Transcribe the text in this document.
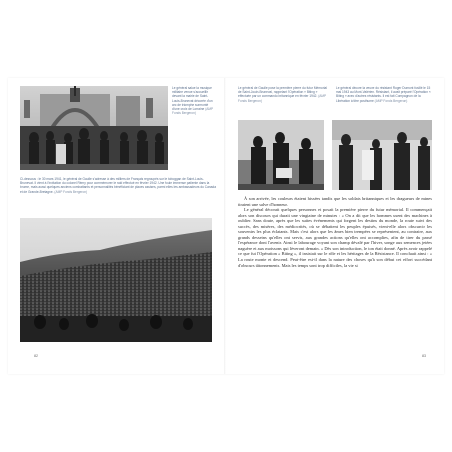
Le général salue la musique militaire venue s'accueillir devant la mairie de Saint-Louis-Brunevat décorée d'un arc de triomphe surmonté d'une croix de Lorraine (AMP Fonds Bergeron)
Ci-dessous : le 30 mars 1941, le général de Gaulle s'adresse à des milliers de Français regroupés sur le toboggan de Saint-Louis-Brunevat. Il vient à l'invitation du colonel Rémy pour commémorer le raid effectué en février 1942. Une foule immense patiente dans la brume, mais aussi quelques anciens combattants et personnalités bénéficiant de places assises, parmi elles les ambassadeurs du Canada et de Grande-Bretagne. (AMP Fonds Bergeron)
82
Le général de Gaulle pose la première pierre du futur Mémorial de Saint-Jouin-Bruneval, rappelant l'Opération « Biting » effectuée par un commando britannique en février 1942. (AMP Fonds Bergeron)
Le général décore la veuve du résistant Roger Dumont fusillé le 15 mai 1943 au Mont-Valérien. Résistant, il avait préparé l'Opération « Biting » avec d'autres résistants. Il est fait Compagnon de la Libération à titre posthume (AMP Fonds Bergeron)

À son arrivée, les couleurs étaient hissées tandis que les soldats britanniques et les dragueurs de mines tiraient une salve d'honneur.

Le général décorait quelques personnes et posait la première pierre du futur mémorial. Il commençait alors son discours qui durait une vingtaine de minutes : « On a dit que les hommes usent des machines à oublier. Sans doute, après que les suites événements qui forgent les destins du monde, la route suivi des succès, des misères, des médiocrités, où se débattent les peuples épuisés, vient-elle alors obscurcir les souvenirs les plus éclatants. Mais c'est alors que les âmes bien trempées se représentent, au contraire, aux grands desseins qu'elles ont servis, aux grandes actions qu'elles ont accomplies, afin de tirer du passé l'espérance dont l'avenir. Ainsi le labourage voyant son champ dévalé par l'hiver, songe aux semences jetées naguère et aux moissons qui lèveront demain. » Dès son introduction, le ton était donné. Après avoir rappelé ce que fut l'Opération « Biting », il insistait sur le rôle et les héritages de la Résistance. Il concluait ainsi : « La route monte et descend. Peut-être est-il dans la nature des choses qu'à son début cet effort succédant d'obscurs tâtonnements. Mais les temps sont trop difficiles, la vie si

83
